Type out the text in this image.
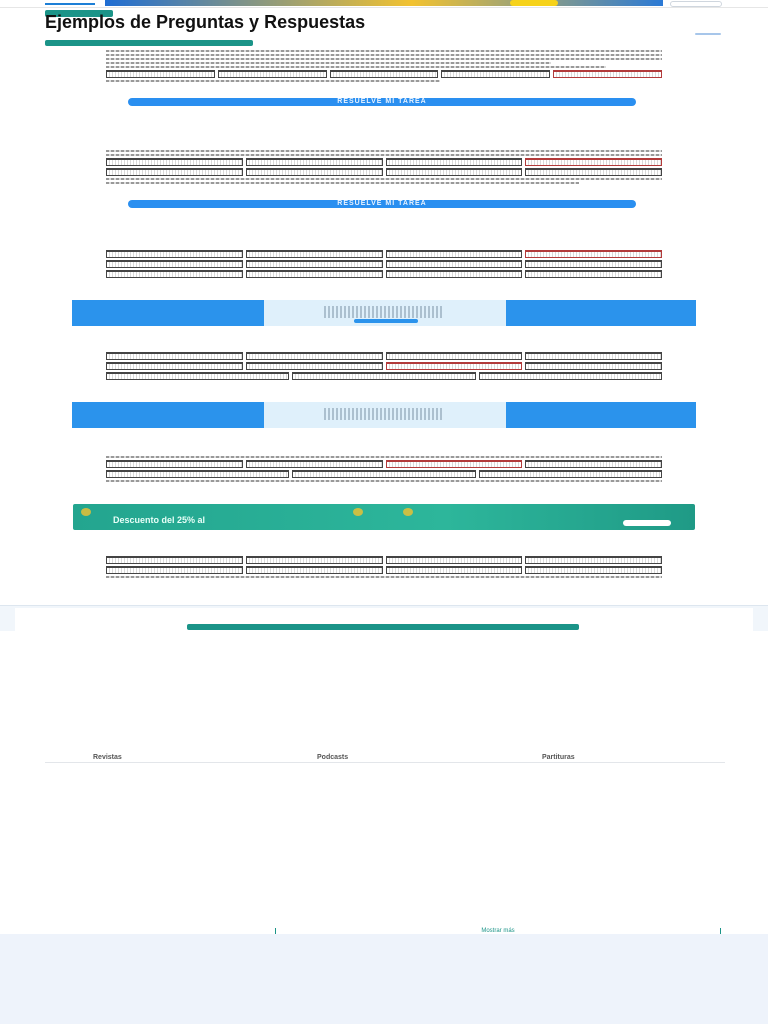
Ejemplos de Preguntas y Respuestas
RESUELVE MI TAREA
RESUELVE MI TAREA
Descuento del 25% al
Revistas	Podcasts	Partituras
Mostrar más
